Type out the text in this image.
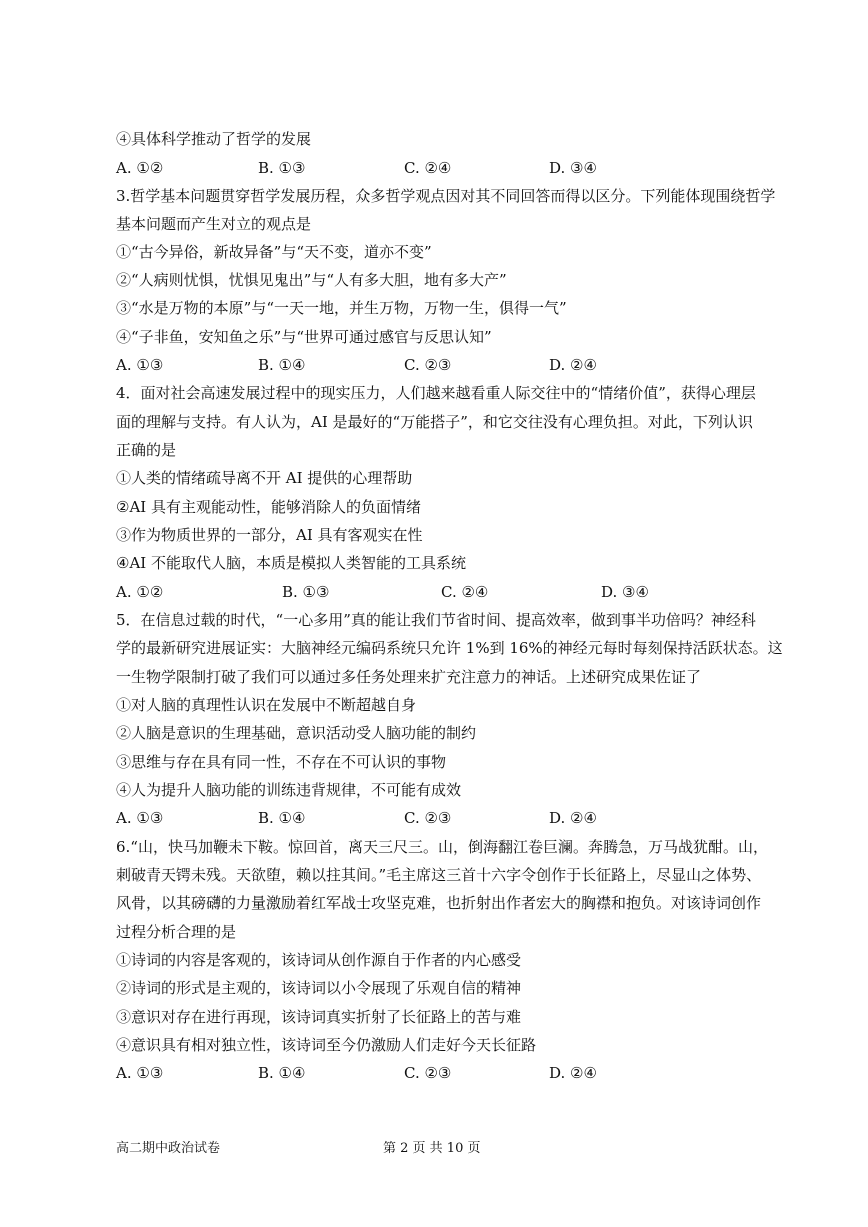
④具体科学推动了哲学的发展
A. ①②	B. ①③	C. ②④	D. ③④
3.哲学基本问题贯穿哲学发展历程，众多哲学观点因对其不同回答而得以区分。下列能体现围绕哲学
基本问题而产生对立的观点是
①“古今异俗，新故异备”与“天不变，道亦不变”
②“人病则忧惧，忧惧见鬼出”与“人有多大胆，地有多大产”
③“水是万物的本原”与“一天一地，并生万物，万物一生，俱得一气”
④“子非鱼，安知鱼之乐”与“世界可通过感官与反思认知”
A. ①③	B. ①④	C. ②③	D. ②④
4．面对社会高速发展过程中的现实压力，人们越来越看重人际交往中的“情绪价值”，获得心理层
面的理解与支持。有人认为，AI 是最好的“万能搭子”，和它交往没有心理负担。对此，下列认识
正确的是
①人类的情绪疏导离不开 AI 提供的心理帮助
②AI 具有主观能动性，能够消除人的负面情绪
③作为物质世界的一部分，AI 具有客观实在性
④AI 不能取代人脑，本质是模拟人类智能的工具系统
A. ①②	B. ①③	C. ②④	D. ③④
5．在信息过载的时代，“一心多用”真的能让我们节省时间、提高效率，做到事半功倍吗？神经科
学的最新研究进展证实：大脑神经元编码系统只允许 1%到 16%的神经元每时每刻保持活跃状态。这
一生物学限制打破了我们可以通过多任务处理来扩充注意力的神话。上述研究成果佐证了
①对人脑的真理性认识在发展中不断超越自身
②人脑是意识的生理基础，意识活动受人脑功能的制约
③思维与存在具有同一性，不存在不可认识的事物
④人为提升人脑功能的训练违背规律，不可能有成效
A. ①③	B. ①④	C. ②③	D. ②④
6.“山，快马加鞭未下鞍。惊回首，离天三尺三。山，倒海翻江卷巨澜。奔腾急，万马战犹酣。山，
刺破青天锷未残。天欲堕，赖以拄其间。”毛主席这三首十六字令创作于长征路上，尽显山之体势、
风骨，以其磅礴的力量激励着红军战士攻坚克难，也折射出作者宏大的胸襟和抱负。对该诗词创作
过程分析合理的是
①诗词的内容是客观的，该诗词从创作源自于作者的内心感受
②诗词的形式是主观的，该诗词以小令展现了乐观自信的精神
③意识对存在进行再现，该诗词真实折射了长征路上的苦与难
④意识具有相对独立性，该诗词至今仍激励人们走好今天长征路
A. ①③	B. ①④	C. ②③	D. ②④
高二期中政治试卷	第 2 页 共 10 页
